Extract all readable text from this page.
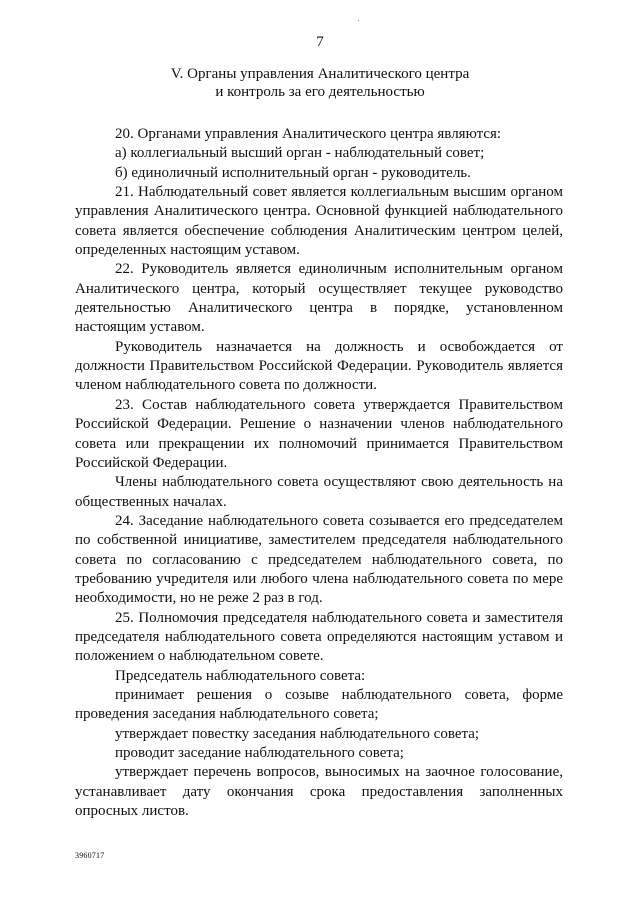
7
V. Органы управления Аналитического центра
и контроль за его деятельностью

20. Органами управления Аналитического центра являются:

а) коллегиальный высший орган - наблюдательный совет;

б) единоличный исполнительный орган - руководитель.

21. Наблюдательный совет является коллегиальным высшим органом управления Аналитического центра. Основной функцией наблюдательного совета является обеспечение соблюдения Аналитическим центром целей, определенных настоящим уставом.

22. Руководитель является единоличным исполнительным органом Аналитического центра, который осуществляет текущее руководство деятельностью Аналитического центра в порядке, установленном настоящим уставом.

Руководитель назначается на должность и освобождается от должности Правительством Российской Федерации. Руководитель является членом наблюдательного совета по должности.

23. Состав наблюдательного совета утверждается Правительством Российской Федерации. Решение о назначении членов наблюдательного совета или прекращении их полномочий принимается Правительством Российской Федерации.

Члены наблюдательного совета осуществляют свою деятельность на общественных началах.

24. Заседание наблюдательного совета созывается его председателем по собственной инициативе, заместителем председателя наблюдательного совета по согласованию с председателем наблюдательного совета, по требованию учредителя или любого члена наблюдательного совета по мере необходимости, но не реже 2 раз в год.

25. Полномочия председателя наблюдательного совета и заместителя председателя наблюдательного совета определяются настоящим уставом и положением о наблюдательном совете.

Председатель наблюдательного совета:

принимает решения о созыве наблюдательного совета, форме проведения заседания наблюдательного совета;

утверждает повестку заседания наблюдательного совета;

проводит заседание наблюдательного совета;

утверждает перечень вопросов, выносимых на заочное голосование, устанавливает дату окончания срока предоставления заполненных опросных листов.

3960717
